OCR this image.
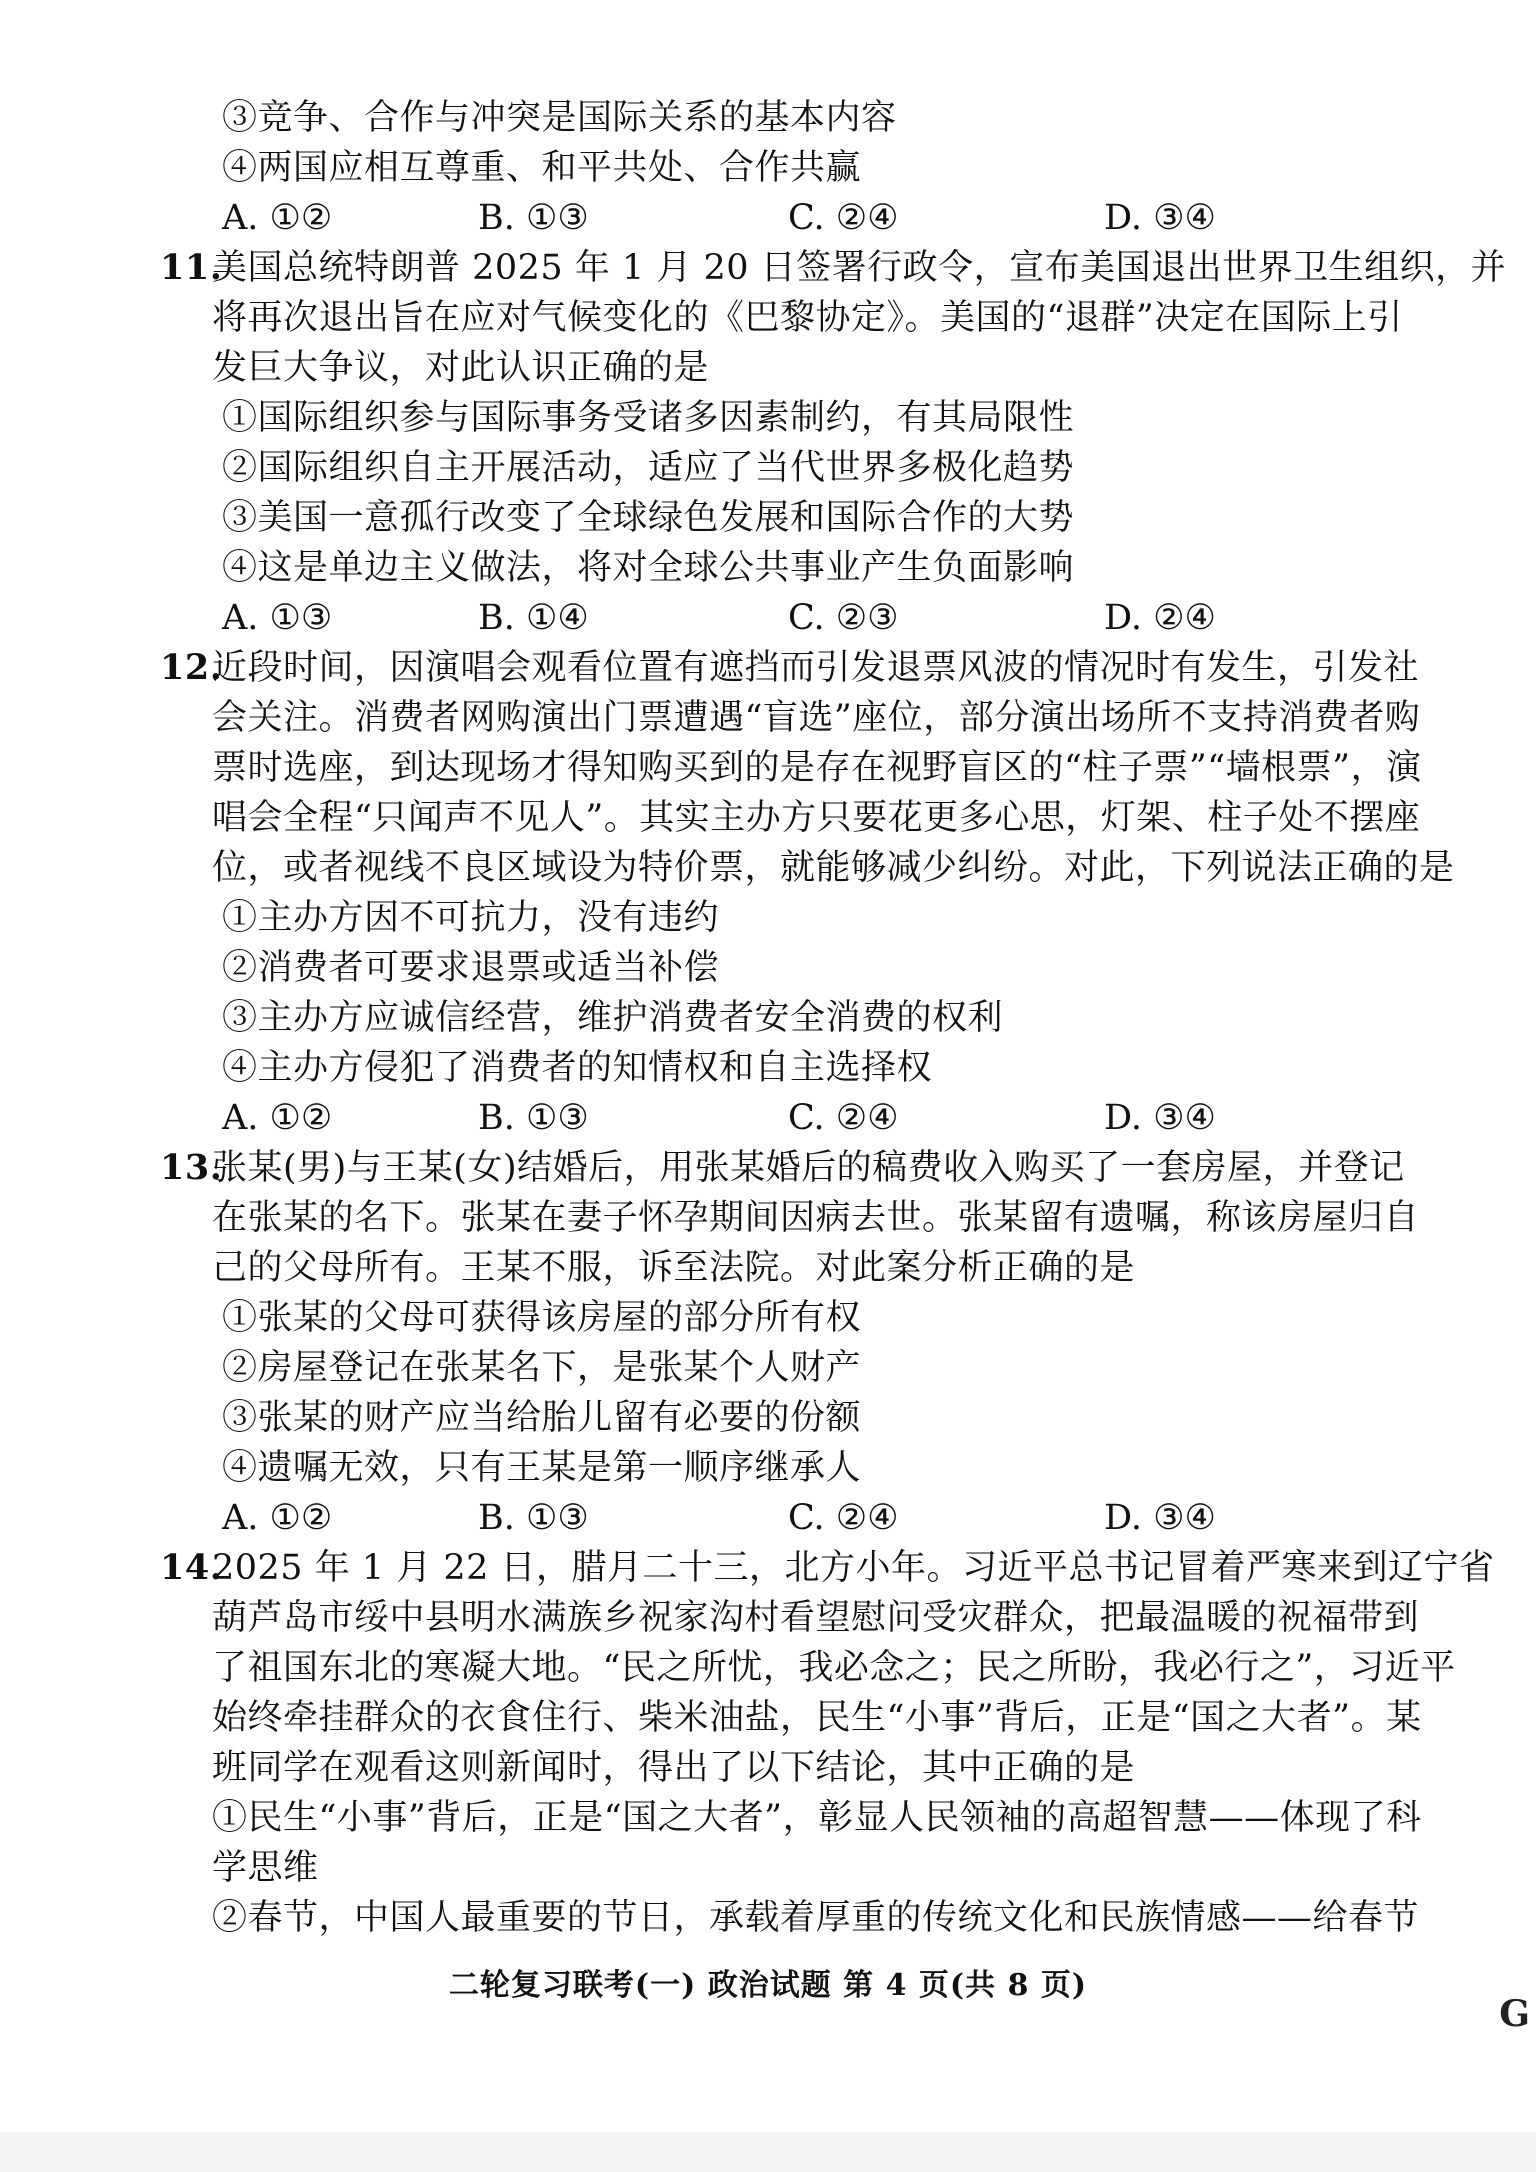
③竞争、合作与冲突是国际关系的基本内容
④两国应相互尊重、和平共处、合作共赢
A. ①②	B. ①③	C. ②④	D. ③④
11.
美国总统特朗普 2025 年 1 月 20 日签署行政令，宣布美国退出世界卫生组织，并
将再次退出旨在应对气候变化的《巴黎协定》。美国的“退群”决定在国际上引
发巨大争议，对此认识正确的是
①国际组织参与国际事务受诸多因素制约，有其局限性
②国际组织自主开展活动，适应了当代世界多极化趋势
③美国一意孤行改变了全球绿色发展和国际合作的大势
④这是单边主义做法，将对全球公共事业产生负面影响
A. ①③	B. ①④	C. ②③	D. ②④
12.
近段时间，因演唱会观看位置有遮挡而引发退票风波的情况时有发生，引发社
会关注。消费者网购演出门票遭遇“盲选”座位，部分演出场所不支持消费者购
票时选座，到达现场才得知购买到的是存在视野盲区的“柱子票”“墙根票”，演
唱会全程“只闻声不见人”。其实主办方只要花更多心思，灯架、柱子处不摆座
位，或者视线不良区域设为特价票，就能够减少纠纷。对此，下列说法正确的是
①主办方因不可抗力，没有违约
②消费者可要求退票或适当补偿
③主办方应诚信经营，维护消费者安全消费的权利
④主办方侵犯了消费者的知情权和自主选择权
A. ①②	B. ①③	C. ②④	D. ③④
13.
张某(男)与王某(女)结婚后，用张某婚后的稿费收入购买了一套房屋，并登记
在张某的名下。张某在妻子怀孕期间因病去世。张某留有遗嘱，称该房屋归自
己的父母所有。王某不服，诉至法院。对此案分析正确的是
①张某的父母可获得该房屋的部分所有权
②房屋登记在张某名下，是张某个人财产
③张某的财产应当给胎儿留有必要的份额
④遗嘱无效，只有王某是第一顺序继承人
A. ①②	B. ①③	C. ②④	D. ③④
14.
2025 年 1 月 22 日，腊月二十三，北方小年。习近平总书记冒着严寒来到辽宁省
葫芦岛市绥中县明水满族乡祝家沟村看望慰问受灾群众，把最温暖的祝福带到
了祖国东北的寒凝大地。“民之所忧，我必念之；民之所盼，我必行之”，习近平
始终牵挂群众的衣食住行、柴米油盐，民生“小事”背后，正是“国之大者”。某
班同学在观看这则新闻时，得出了以下结论，其中正确的是
①民生“小事”背后，正是“国之大者”，彰显人民领袖的高超智慧——体现了科
学思维
②春节，中国人最重要的节日，承载着厚重的传统文化和民族情感——给春节
二轮复习联考(一) 政治试题 第 4 页(共 8 页)
G
